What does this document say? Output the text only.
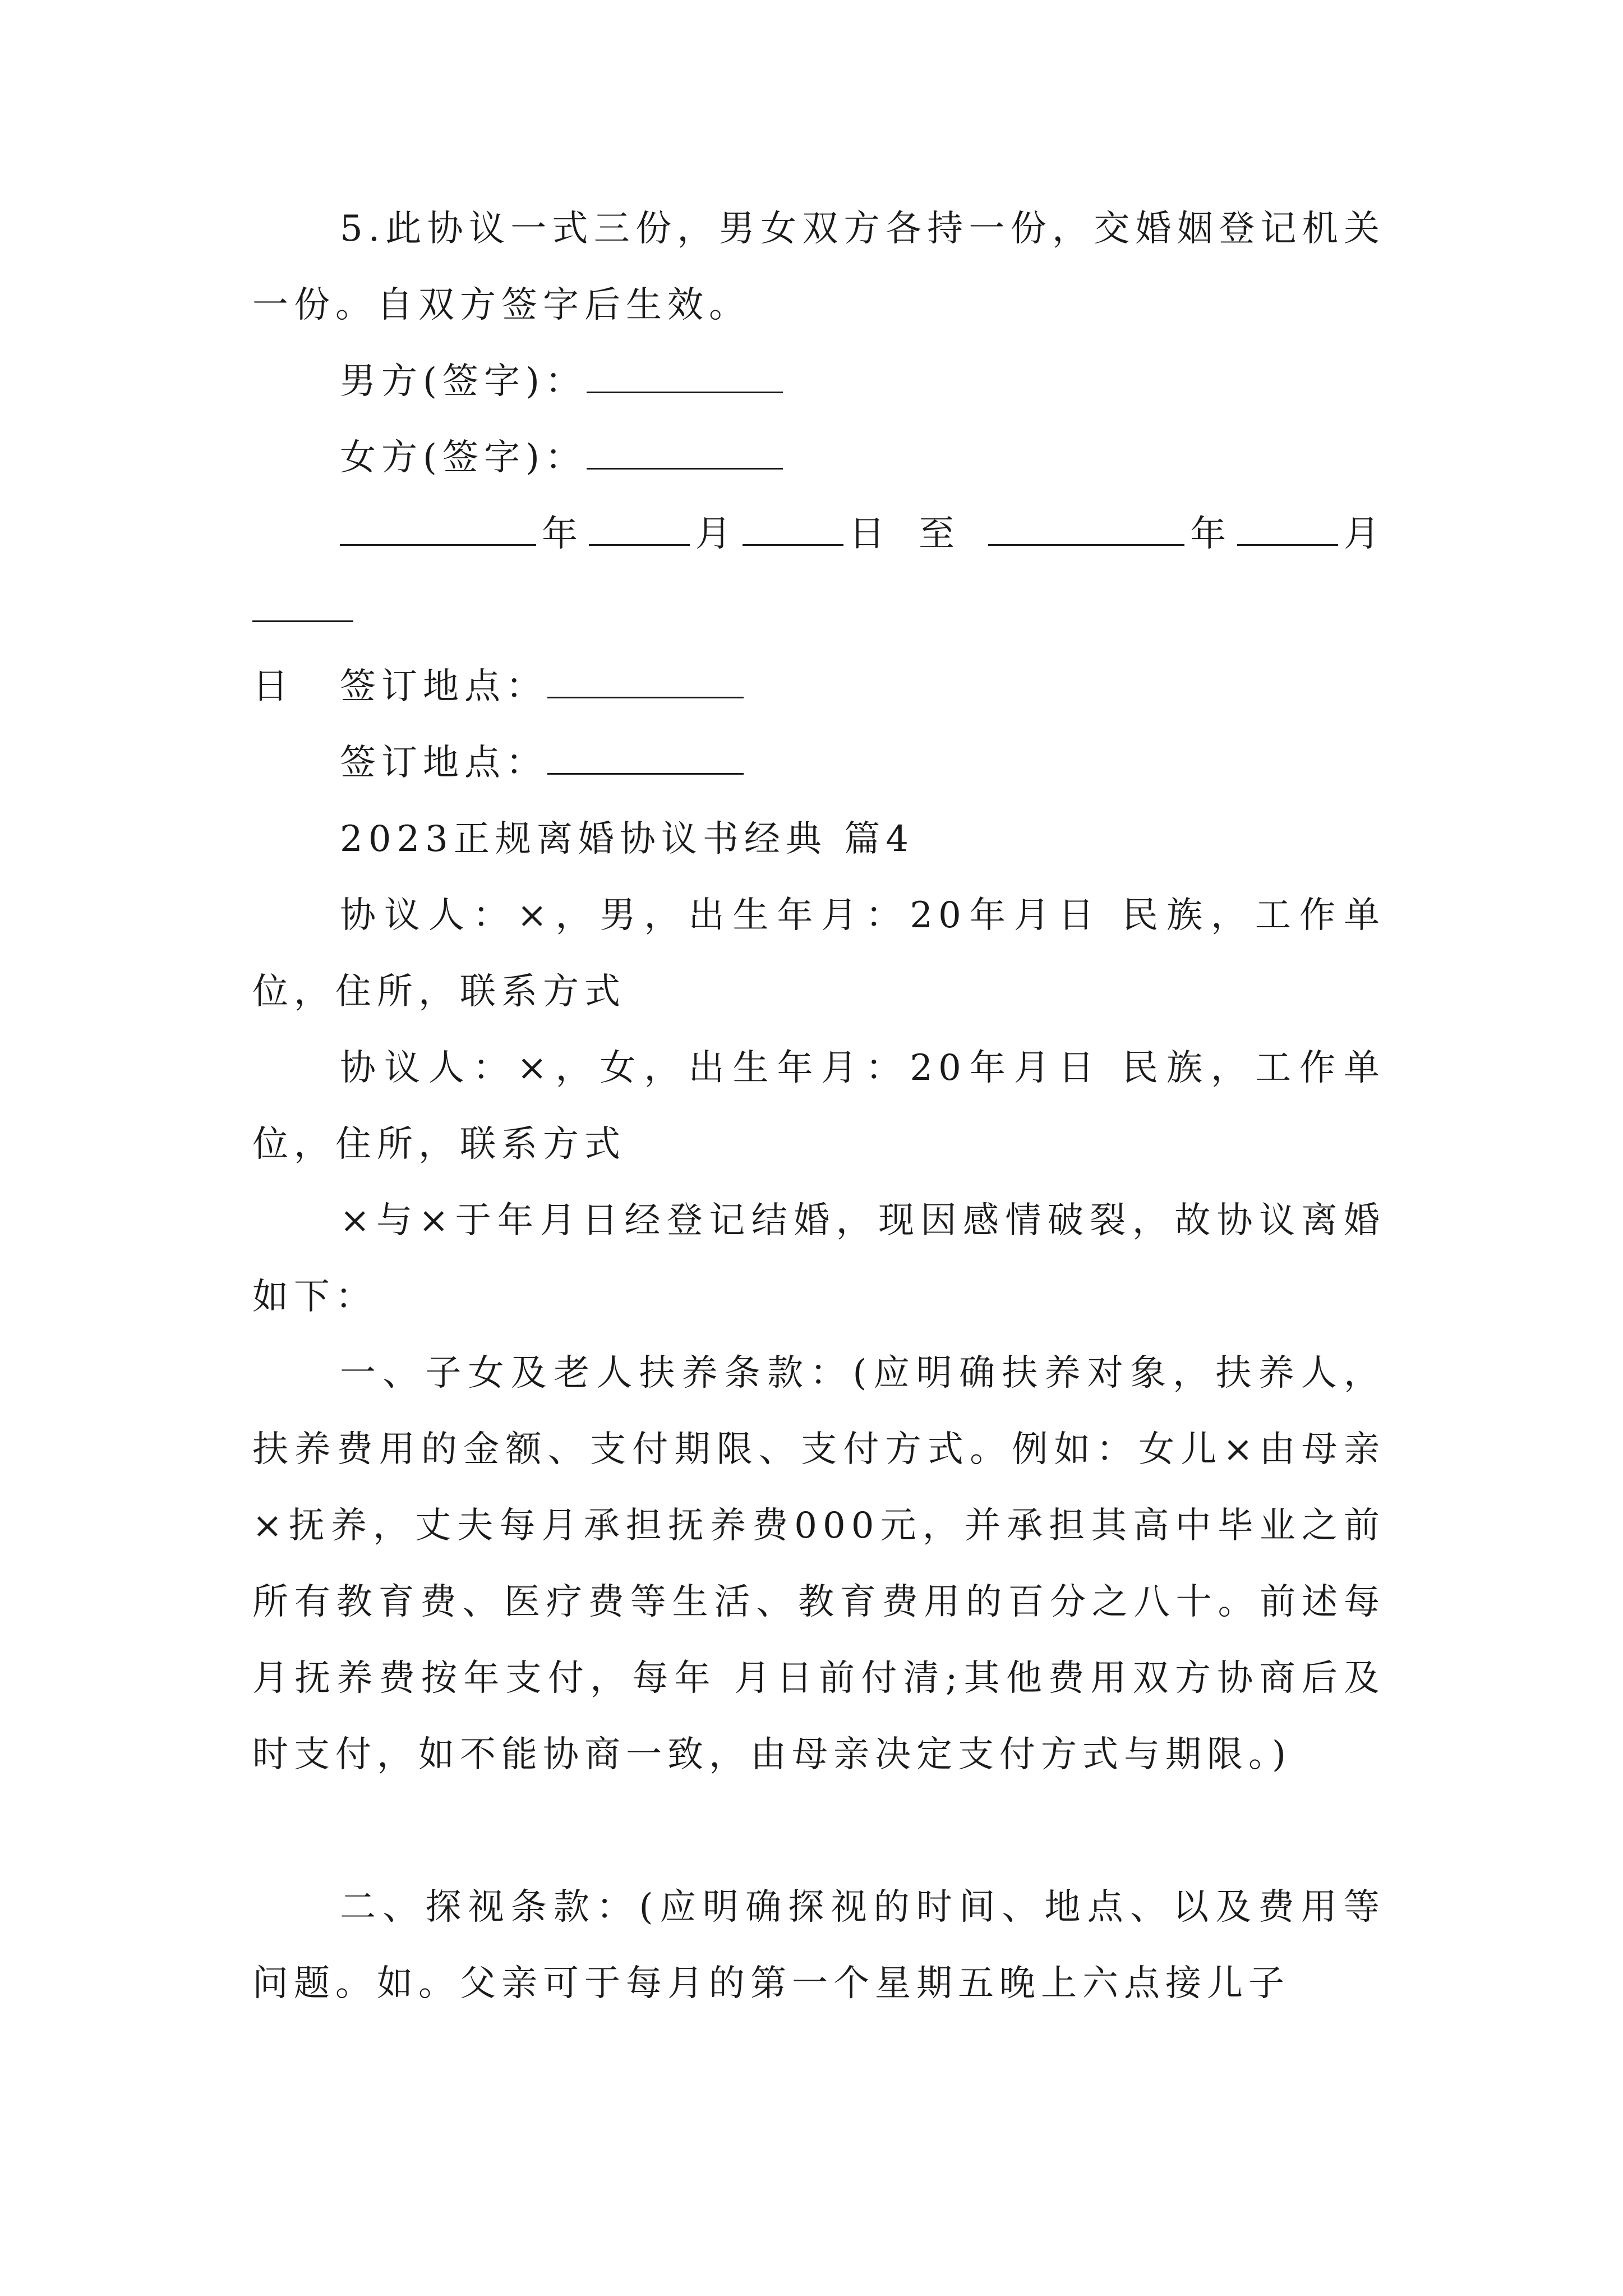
5.此协议一式三份，男女双方各持一份，交婚姻登记机关一份。自双方签字后生效。
男方(签字)：
女方(签字)：
年	月	日 至	年	月
日	签订地点：
签订地点：
2023正规离婚协议书经典 篇4
协议人：×，男，出生年月：20年月日 民族，工作单位，住所，联系方式
协议人：×，女，出生年月：20年月日 民族，工作单位，住所，联系方式
×与×于年月日经登记结婚，现因感情破裂，故协议离婚如下：
一、子女及老人扶养条款：(应明确扶养对象，扶养人，扶养费用的金额、支付期限、支付方式。例如：女儿×由母亲×抚养，丈夫每月承担抚养费000元，并承担其高中毕业之前所有教育费、医疗费等生活、教育费用的百分之八十。前述每月抚养费按年支付，每年 月日前付清;其他费用双方协商后及时支付，如不能协商一致，由母亲决定支付方式与期限。)
二、探视条款：(应明确探视的时间、地点、以及费用等问题。如。父亲可于每月的第一个星期五晚上六点接儿子
